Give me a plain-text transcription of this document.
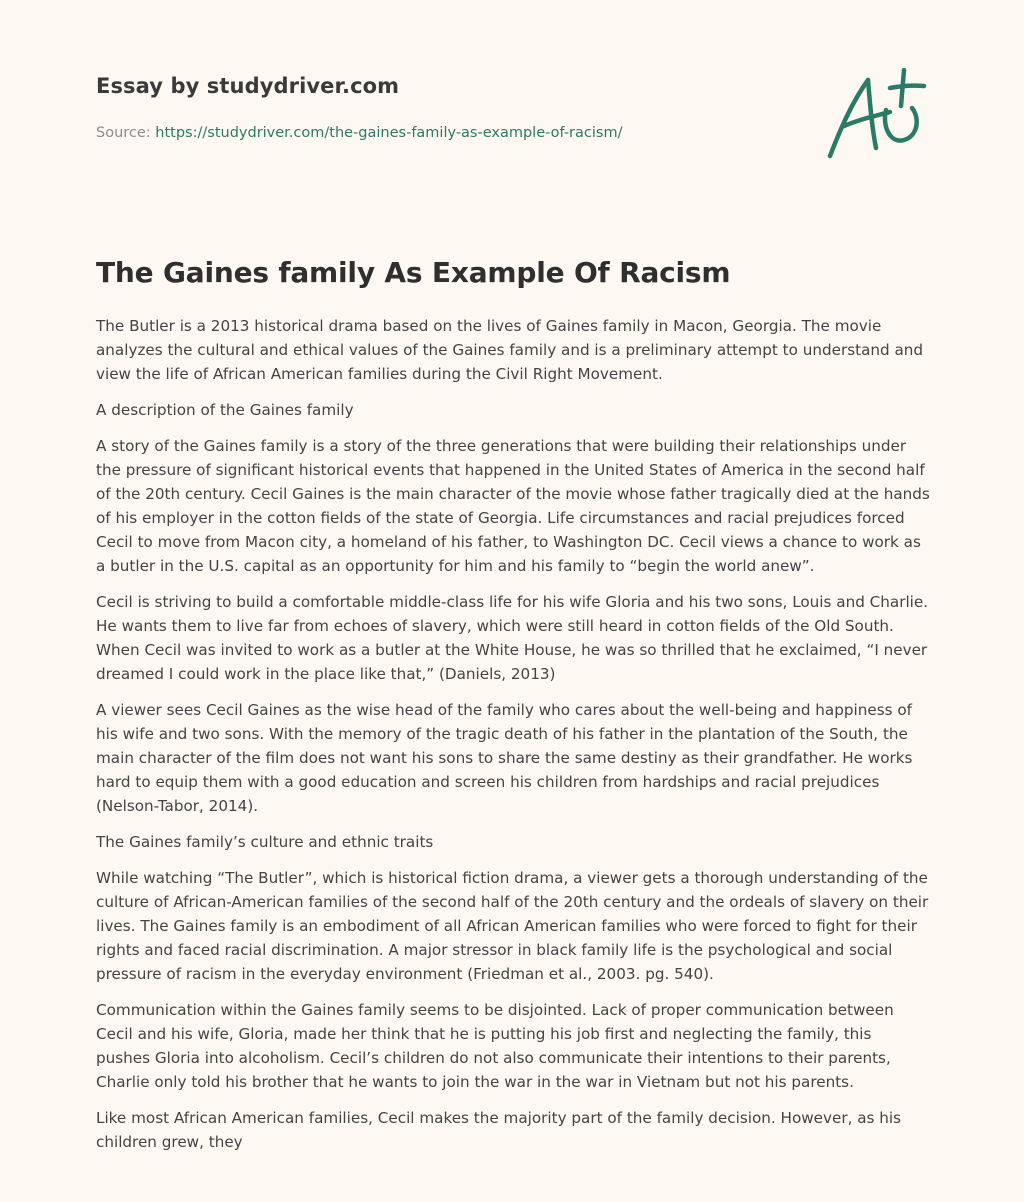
Essay by studydriver.com
Source: https://studydriver.com/the-gaines-family-as-example-of-racism/
The Gaines family As Example Of Racism

The Butler is a 2013 historical drama based on the lives of Gaines family in Macon, Georgia. The movie analyzes the cultural and ethical values of the Gaines family and is a preliminary attempt to understand and view the life of African American families during the Civil Right Movement.

A description of the Gaines family

A story of the Gaines family is a story of the three generations that were building their relationships under the pressure of significant historical events that happened in the United States of America in the second half of the 20th century. Cecil Gaines is the main character of the movie whose father tragically died at the hands of his employer in the cotton fields of the state of Georgia. Life circumstances and racial prejudices forced Cecil to move from Macon city, a homeland of his father, to Washington DC. Cecil views a chance to work as a butler in the U.S. capital as an opportunity for him and his family to “begin the world anew”.

Cecil is striving to build a comfortable middle-class life for his wife Gloria and his two sons, Louis and Charlie. He wants them to live far from echoes of slavery, which were still heard in cotton fields of the Old South. When Cecil was invited to work as a butler at the White House, he was so thrilled that he exclaimed, “I never dreamed I could work in the place like that,” (Daniels, 2013)

A viewer sees Cecil Gaines as the wise head of the family who cares about the well-being and happiness of his wife and two sons. With the memory of the tragic death of his father in the plantation of the South, the main character of the film does not want his sons to share the same destiny as their grandfather. He works hard to equip them with a good education and screen his children from hardships and racial prejudices (Nelson-Tabor, 2014).

The Gaines family’s culture and ethnic traits

While watching “The Butler”, which is historical fiction drama, a viewer gets a thorough understanding of the culture of African-American families of the second half of the 20th century and the ordeals of slavery on their lives. The Gaines family is an embodiment of all African American families who were forced to fight for their rights and faced racial discrimination. A major stressor in black family life is the psychological and social pressure of racism in the everyday environment (Friedman et al., 2003. pg. 540).

Communication within the Gaines family seems to be disjointed. Lack of proper communication between Cecil and his wife, Gloria, made her think that he is putting his job first and neglecting the family, this pushes Gloria into alcoholism. Cecil’s children do not also communicate their intentions to their parents, Charlie only told his brother that he wants to join the war in the war in Vietnam but not his parents.

Like most African American families, Cecil makes the majority part of the family decision. However, as his children grew, they
